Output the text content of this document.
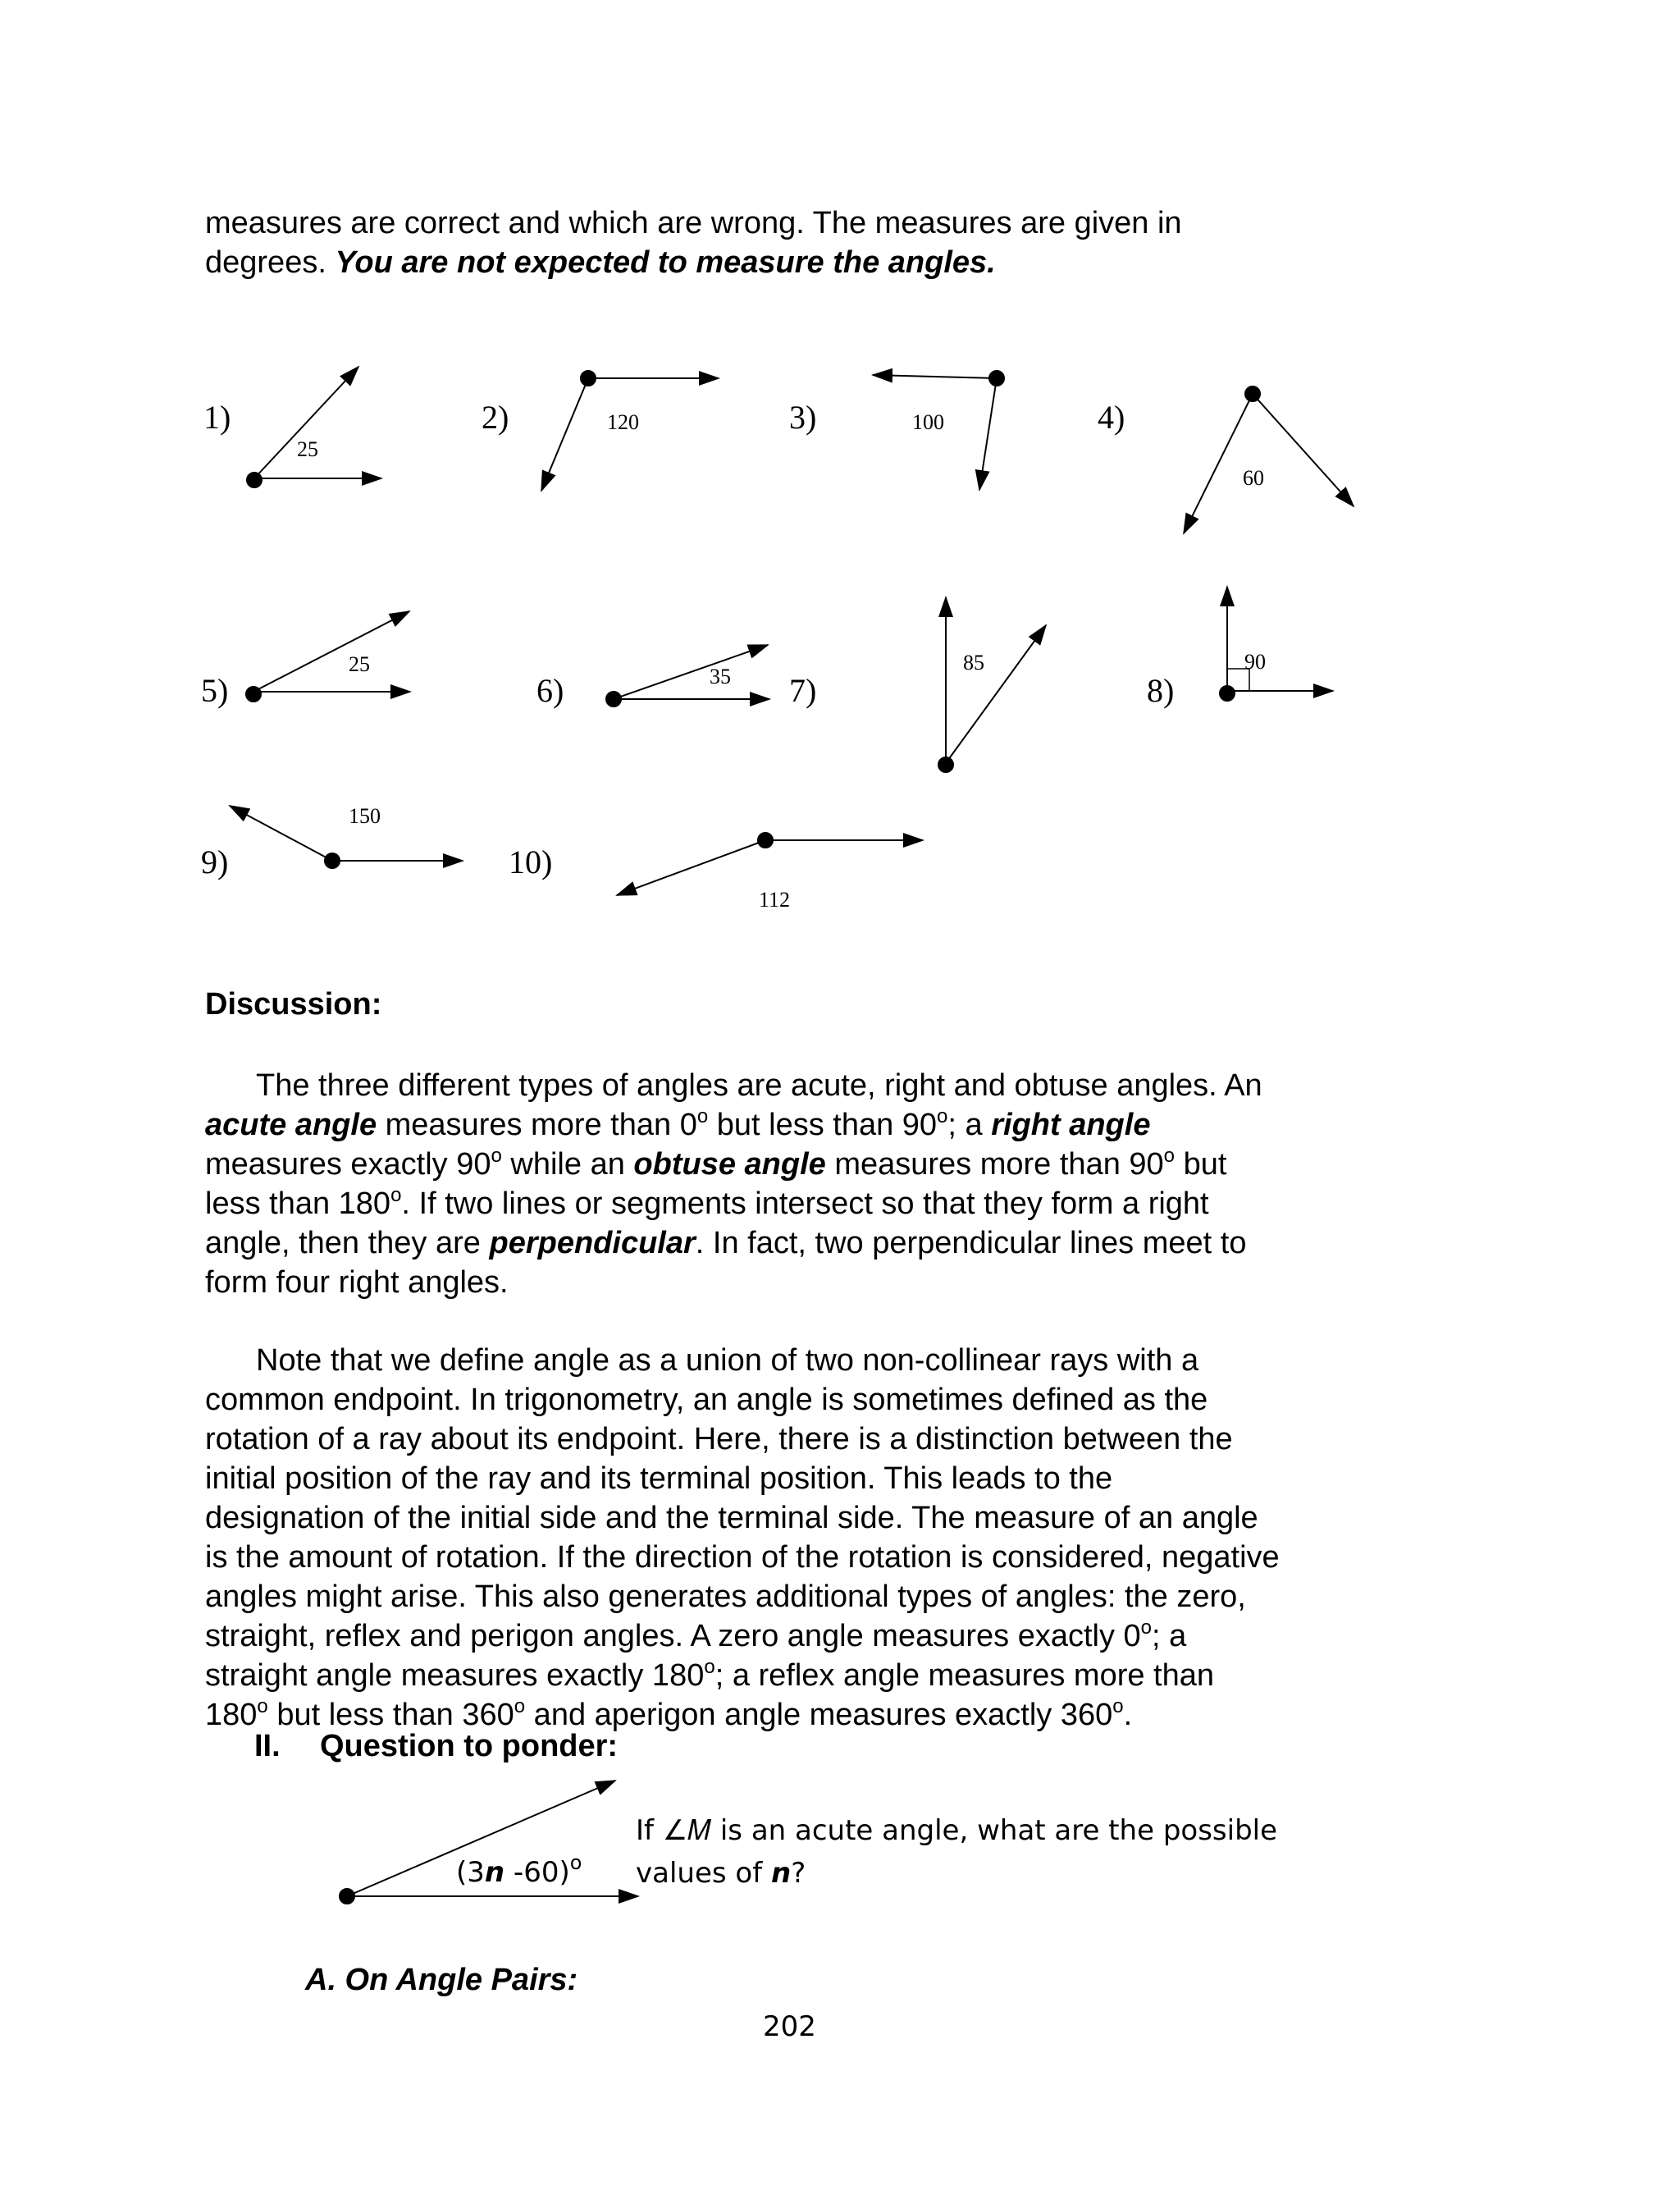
measures are correct and which are wrong. The measures are given in
degrees. You are not expected to measure the angles.
1)
25
2)	120	3)	100	4)
60
5)
25
6)	35 7)
85
8)
90
9)
150
10)
112
Discussion:
The three different types of angles are acute, right and obtuse angles. An
acute angle measures more than 0$^o$ but less than 90$^o$; a right angle
measures exactly 90$^o$ while an obtuse angle measures more than 90$^o$ but
less than 180$^o$. If two lines or segments intersect so that they form a right
angle, then they are perpendicular. In fact, two perpendicular lines meet to
form four right angles.
Note that we define angle as a union of two non-collinear rays with a
common endpoint. In trigonometry, an angle is sometimes defined as the
rotation of a ray about its endpoint. Here, there is a distinction between the
initial position of the ray and its terminal position. This leads to the
designation of the initial side and the terminal side. The measure of an angle
is the amount of rotation. If the direction of the rotation is considered, negative
angles might arise. This also generates additional types of angles: the zero,
straight, reflex and perigon angles. A zero angle measures exactly 0$^o$; a
straight angle measures exactly 180$^o$; a reflex angle measures more than
180$^o$ but less than 360$^o$ and aperigon angle measures exactly 360$^o$.
II. Question to ponder:
(3n -60)$^o$
If ∠𝑀 is an acute angle, what are the possible
values of n?
A. On Angle Pairs:
202
